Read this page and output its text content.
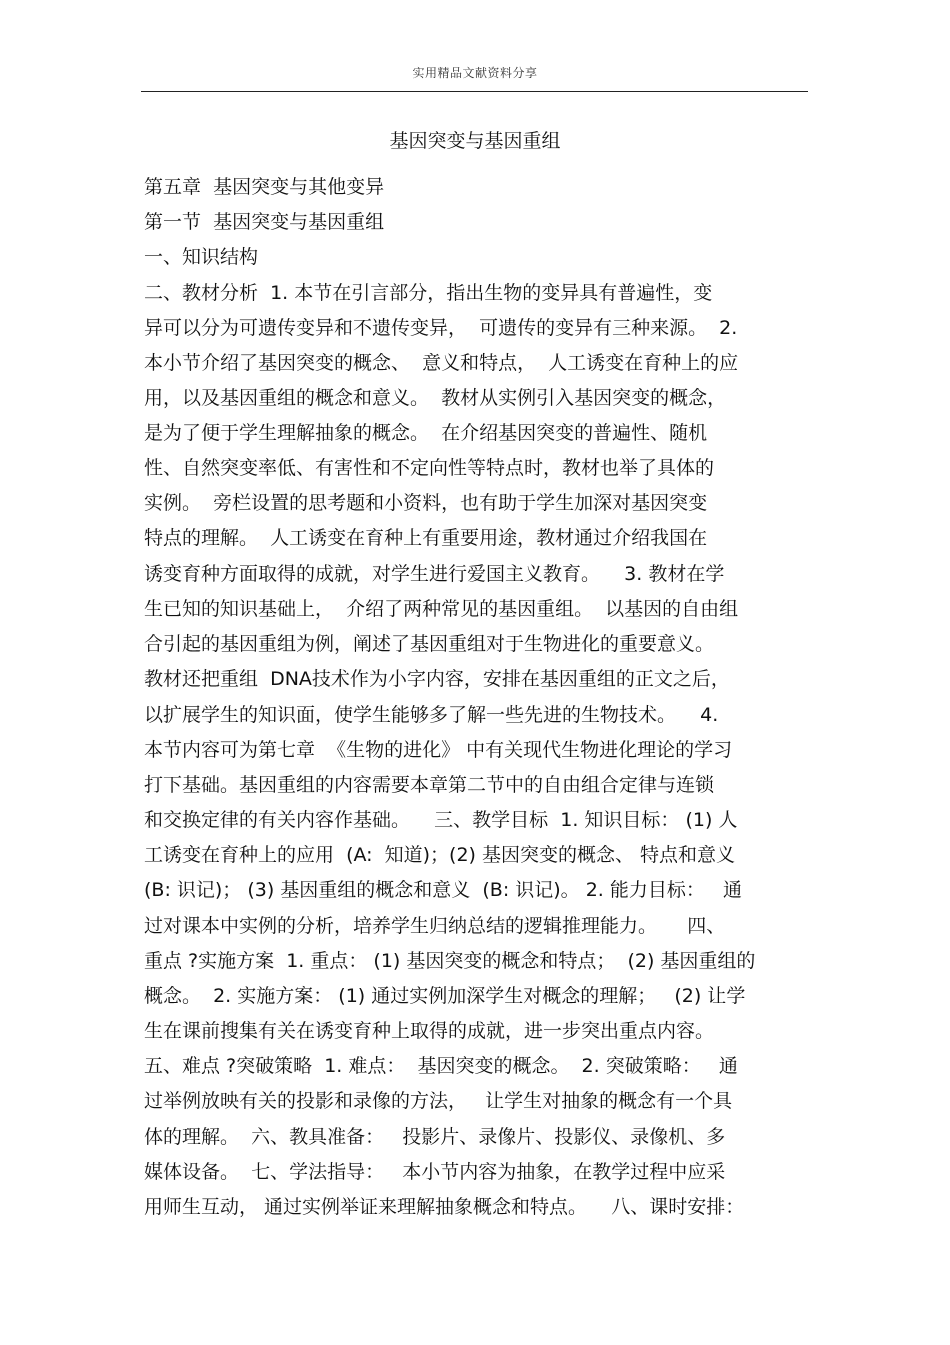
实用精品文献资料分享
基因突变与基因重组
第五章  基因突变与其他变异
第一节  基因突变与基因重组
一、知识结构
二、教材分析  1. 本节在引言部分，指出生物的变异具有普遍性，变
异可以分为可遗传变异和不遗传变异，  可遗传的变异有三种来源。  2.
本小节介绍了基因突变的概念、  意义和特点，  人工诱变在育种上的应
用，以及基因重组的概念和意义。  教材从实例引入基因突变的概念，
是为了便于学生理解抽象的概念。  在介绍基因突变的普遍性、随机
性、自然突变率低、有害性和不定向性等特点时，教材也举了具体的
实例。  旁栏设置的思考题和小资料，也有助于学生加深对基因突变
特点的理解。  人工诱变在育种上有重要用途，教材通过介绍我国在
诱变育种方面取得的成就，对学生进行爱国主义教育。    3. 教材在学
生已知的知识基础上，  介绍了两种常见的基因重组。  以基因的自由组
合引起的基因重组为例，阐述了基因重组对于生物进化的重要意义。
教材还把重组  DNA技术作为小字内容，安排在基因重组的正文之后，
以扩展学生的知识面，使学生能够多了解一些先进的生物技术。    4.
本节内容可为第七章  《生物的进化》 中有关现代生物进化理论的学习
打下基础。基因重组的内容需要本章第二节中的自由组合定律与连锁
和交换定律的有关内容作基础。    三、教学目标  1. 知识目标： (1) 人
工诱变在育种上的应用  (A:  知道)；(2) 基因突变的概念、 特点和意义
(B: 识记)； (3) 基因重组的概念和意义  (B: 识记)。 2. 能力目标：   通
过对课本中实例的分析，培养学生归纳总结的逻辑推理能力。     四、
重点 ?实施方案  1. 重点： (1) 基因突变的概念和特点；  (2) 基因重组的
概念。  2. 实施方案： (1) 通过实例加深学生对概念的理解；   (2) 让学
生在课前搜集有关在诱变育种上取得的成就，进一步突出重点内容。
五、难点 ?突破策略  1. 难点：  基因突变的概念。  2. 突破策略：   通
过举例放映有关的投影和录像的方法，   让学生对抽象的概念有一个具
体的理解。  六、教具准备：   投影片、录像片、投影仪、录像机、多
媒体设备。  七、学法指导：   本小节内容为抽象，在教学过程中应采
用师生互动， 通过实例举证来理解抽象概念和特点。    八、课时安排：
